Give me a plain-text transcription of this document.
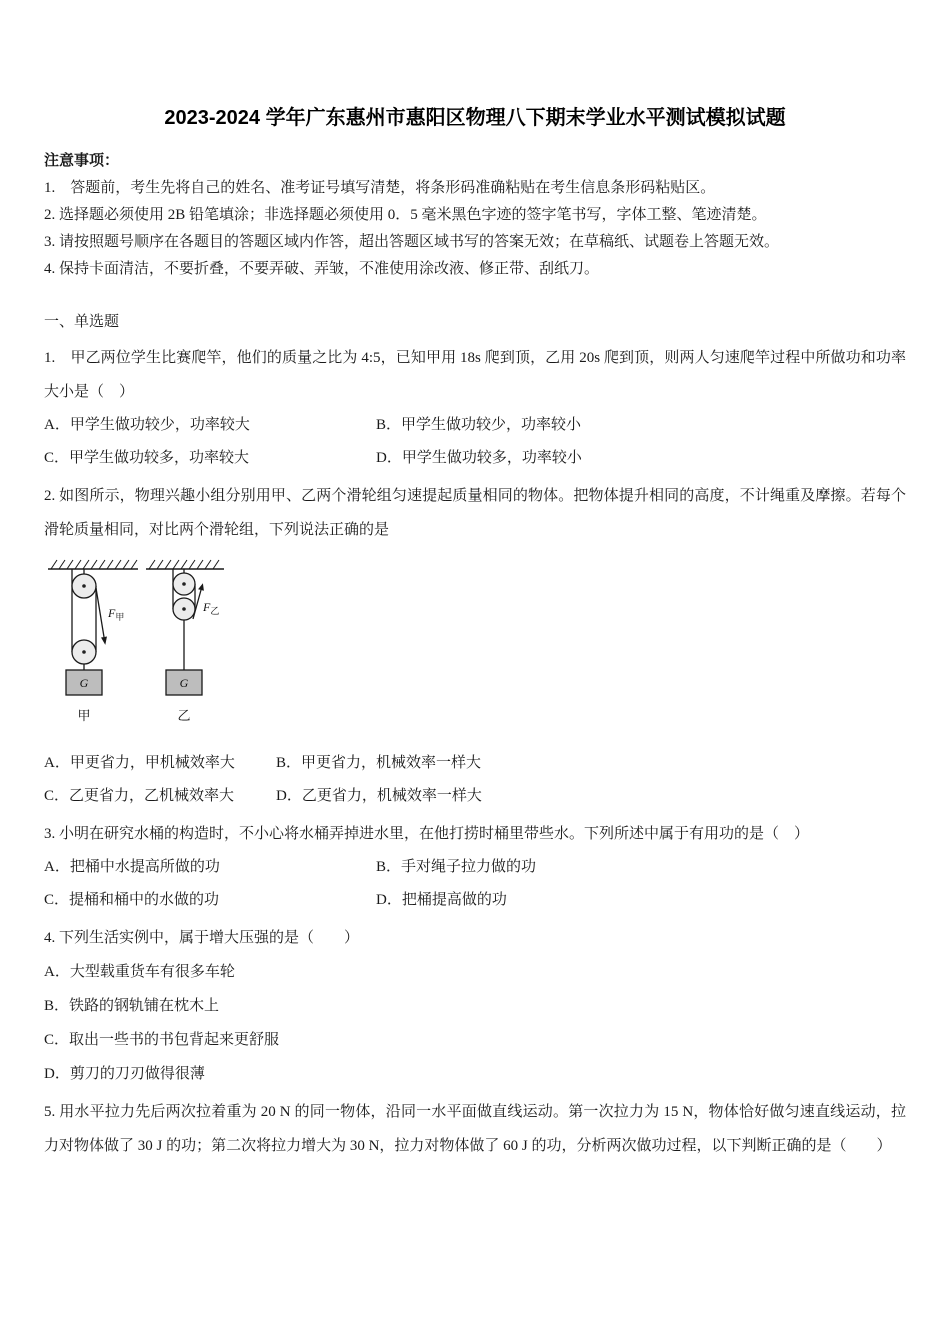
2023-2024 学年广东惠州市惠阳区物理八下期末学业水平测试模拟试题
注意事项：
1.　答题前，考生先将自己的姓名、准考证号填写清楚，将条形码准确粘贴在考生信息条形码粘贴区。
2. 选择题必须使用 2B 铅笔填涂；非选择题必须使用 0．5 毫米黑色字迹的签字笔书写，字体工整、笔迹清楚。
3. 请按照题号顺序在各题目的答题区域内作答，超出答题区域书写的答案无效；在草稿纸、试题卷上答题无效。
4. 保持卡面清洁，不要折叠，不要弄破、弄皱，不准使用涂改液、修正带、刮纸刀。
一、单选题

1.　甲乙两位学生比赛爬竿，他们的质量之比为 4:5，已知甲用 18s 爬到顶，乙用 20s 爬到顶，则两人匀速爬竿过程中所做功和功率大小是（　）

A．甲学生做功较少，功率较大	B．甲学生做功较少，功率较小
C．甲学生做功较多，功率较大	D．甲学生做功较多，功率较小

2. 如图所示，物理兴趣小组分别用甲、乙两个滑轮组匀速提起质量相同的物体。把物体提升相同的高度，不计绳重及摩擦。若每个滑轮质量相同，对比两个滑轮组，下列说法正确的是

$F_甲$
$F_乙$
G	G
甲	乙
A．甲更省力，甲机械效率大	B．甲更省力，机械效率一样大
C．乙更省力，乙机械效率大	D．乙更省力，机械效率一样大

3. 小明在研究水桶的构造时，不小心将水桶弄掉进水里，在他打捞时桶里带些水。下列所述中属于有用功的是（　）

A．把桶中水提高所做的功	B．手对绳子拉力做的功
C．提桶和桶中的水做的功	D．把桶提高做的功

4. 下列生活实例中，属于增大压强的是（　　）

A．大型载重货车有很多车轮
B．铁路的钢轨铺在枕木上
C．取出一些书的书包背起来更舒服
D．剪刀的刀刃做得很薄

5. 用水平拉力先后两次拉着重为 20 N 的同一物体，沿同一水平面做直线运动。第一次拉力为 15 N，物体恰好做匀速直线运动，拉力对物体做了 30 J 的功；第二次将拉力增大为 30 N，拉力对物体做了 60 J 的功，分析两次做功过程，以下判断正确的是（　　）
